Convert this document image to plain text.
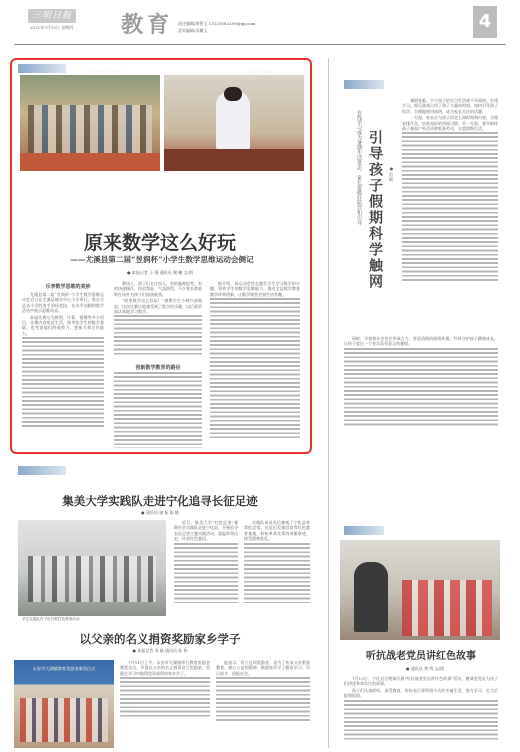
三明日报
2021年7月15日 星期四 教育 责任编辑/胡智玉 13125583299@qq.com
美术编辑/吴璐玉	4
学生动手操作比赛现场	学生在比赛中
原来数学这么好玩
——尤溪县第二届“昱润杯”小学生数学思维运动会侧记
● 本报记者 王 强 通讯员 谢 曦 文/图
乐享数学思维的美妙
创新数学教育的路径

尤溪县第二届“昱润杯”小学生数学思维运动会近日在尤溪县城关中心小学举行。来自全县各小学的选手同场竞技，在动手动脑的数学活动中展示思维风采。

本届比赛分为拼图、计算、推理等多个项目，比赛内容贴近生活，既考验学生的数学基础，也考查他们的观察力、想象力和合作能力。

赛场上，孩子们专注投入，有的凝神思考，有的快速操作，你追我赶，气氛热烈。不少家长和老师在场外为孩子们加油鼓劲。

“原来数学这么好玩！”参赛学生小林兴奋地说，这次比赛让他感受到了数学的乐趣，以后要更加认真地学习数学。

据介绍，该运动会旨在激发学生学习数学的兴趣，培养学生的数学思维能力，推动全县数学教育教学改革创新，让数学课堂更加生动有趣。

教育
在线学习成为暑期生活常态，家长要做好陪伴和引导 引导孩子假期科学触网	● 范 敏

暑假来临，不少孩子的学习生活离不开网络。在线学习、娱乐游戏占用了孩子大量的时间，如何引导孩子科学、合理地使用网络，成为家长关注的话题。

一方面，家长应与孩子约定上网时间和内容，合理安排作息，培养良好的用网习惯；另一方面，要多陪伴孩子参加户外活动和家务劳动，丰富假期生活。

同时，学校和社会也应形成合力，营造清朗的网络环境，共同守护孩子健康成长，让孩子度过一个充实而有意义的暑假。

视窗
集美大学实践队走进宁化追寻长征足迹
● 通讯员 谢 振 陈 晓
学生实践队在宁化开展红色教育活动

近日，集美大学“红色足迹”暑期社会实践队走进宁化县，开展追寻长征足迹主题实践活动，重温革命历史，传承红色基因。

实践队成员先后参观了宁化县革命纪念馆、长征出发地旧址等红色教育基地，聆听革命先辈的英雄事迹，接受精神洗礼。

以父亲的名义捐资奖励家乡学子
● 本报记者 邓 斌 通讯员 陈 伟
永安市大湖镇教育奖励金颁奖仪式

7月11日上午，永安市大湖镇举行教育奖励金颁奖仪式。乡贤以父亲的名义捐资设立奖励金，奖励在学习中取得优异成绩的家乡学子。

他表示，设立这项奖励金，是为了传承父亲重视教育、热心公益的精神，鼓励家乡学子勤奋学习、早日成才，回报社会。

听抗战老党员讲红色故事
● 通讯员 曾 鸣 文/图

7月13日，宁化县石壁镇开展“听抗战老党员讲红色故事”活动，邀请老党员为孩子们讲述革命年代的故事。

孩子们认真聆听，深受教育，纷纷表示要珍惜今天的幸福生活，努力学习，长大后报效祖国。
